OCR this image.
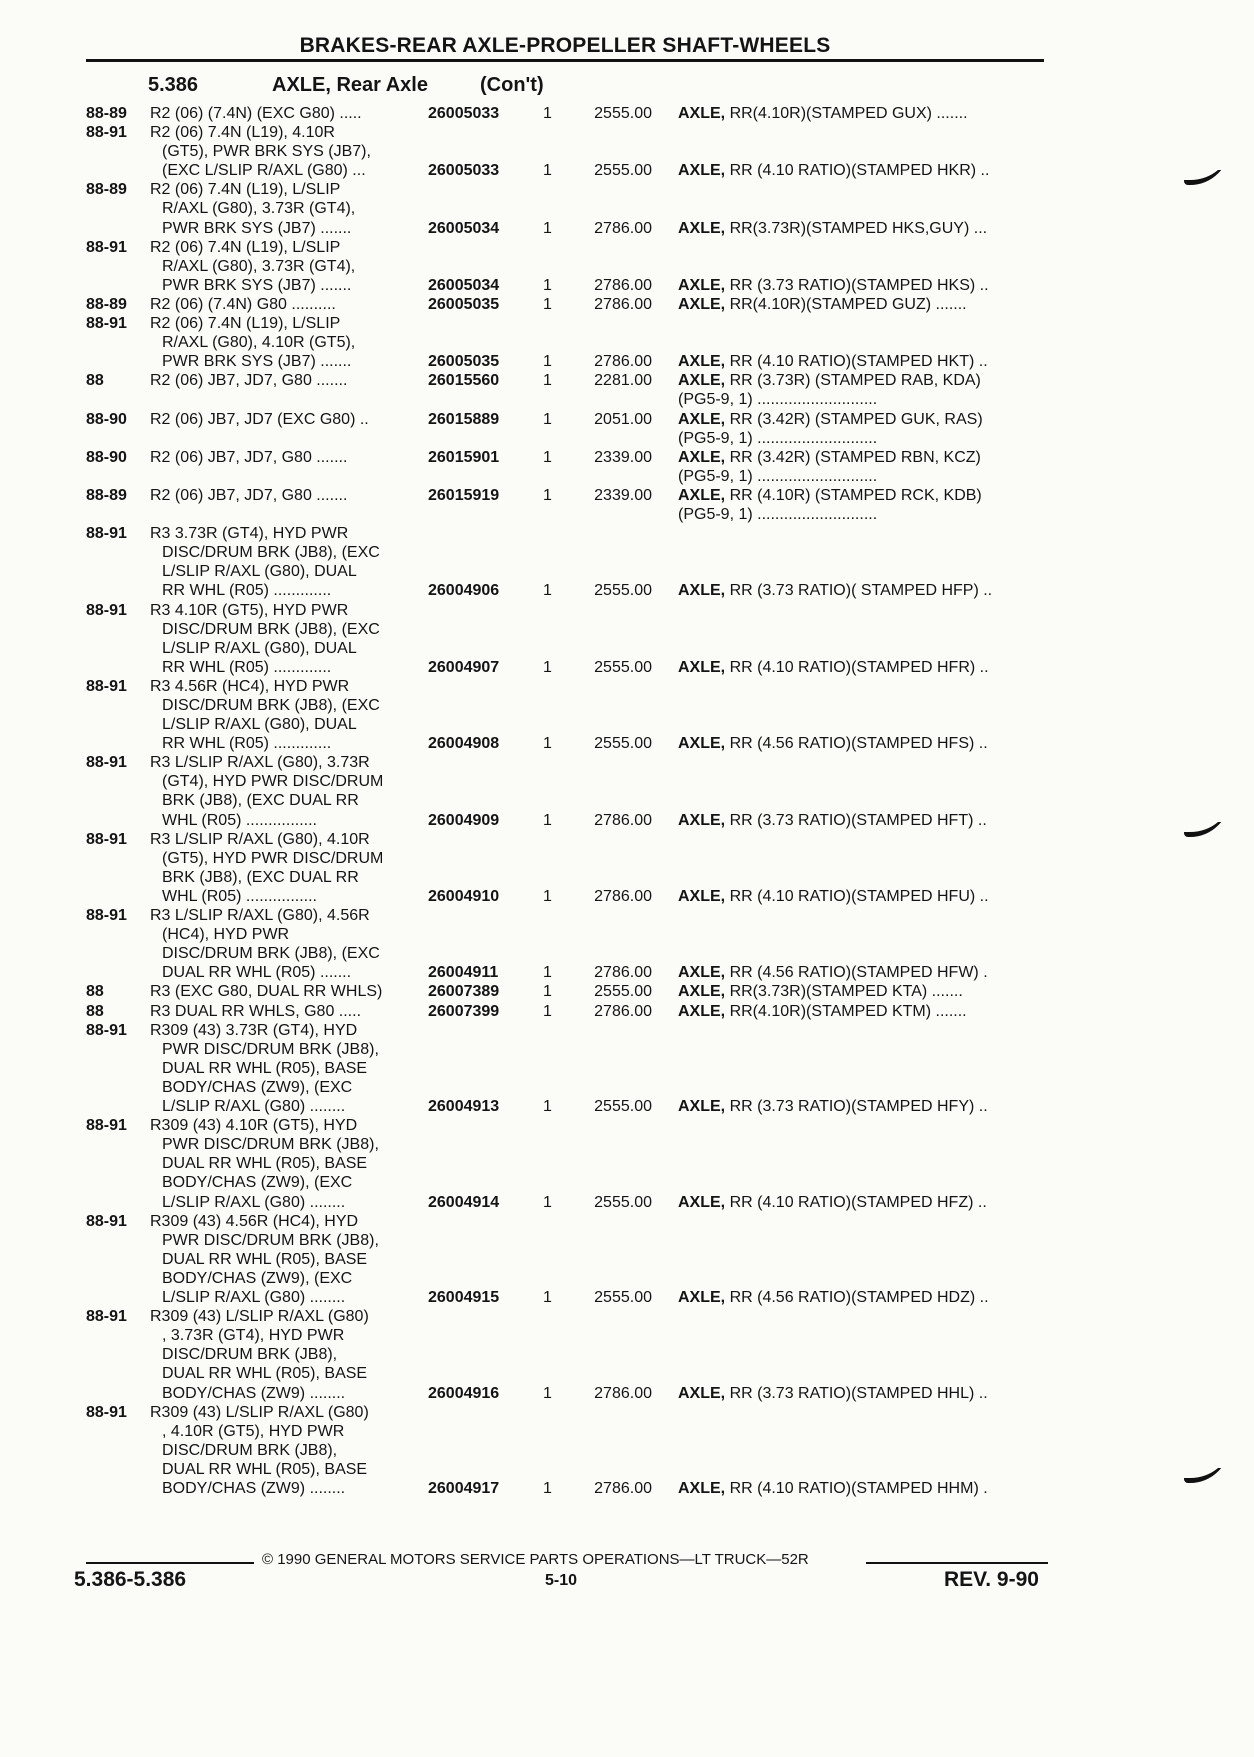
BRAKES-REAR AXLE-PROPELLER SHAFT-WHEELS
5.386	AXLE, Rear Axle	(Con't)
88-89 R2 (06) (7.4N) (EXC G80) .....	26005033	1	2555.00 AXLE, RR(4.10R)(STAMPED GUX) .......
88-91 R2 (06) 7.4N (L19), 4.10R
(GT5), PWR BRK SYS (JB7),
(EXC L/SLIP R/AXL (G80) ...	26005033	1	2555.00 AXLE, RR (4.10 RATIO)(STAMPED HKR) ..
88-89 R2 (06) 7.4N (L19), L/SLIP
R/AXL (G80), 3.73R (GT4),
PWR BRK SYS (JB7) .......	26005034	1	2786.00 AXLE, RR(3.73R)(STAMPED HKS,GUY) ...
88-91 R2 (06) 7.4N (L19), L/SLIP
R/AXL (G80), 3.73R (GT4),
PWR BRK SYS (JB7) .......	26005034	1	2786.00 AXLE, RR (3.73 RATIO)(STAMPED HKS) ..
88-89 R2 (06) (7.4N) G80 ..........	26005035	1	2786.00 AXLE, RR(4.10R)(STAMPED GUZ) .......
88-91 R2 (06) 7.4N (L19), L/SLIP
R/AXL (G80), 4.10R (GT5),
PWR BRK SYS (JB7) .......	26005035	1	2786.00 AXLE, RR (4.10 RATIO)(STAMPED HKT) ..
88	R2 (06) JB7, JD7, G80 .......	26015560	1	2281.00 AXLE, RR (3.73R) (STAMPED RAB, KDA)
(PG5-9, 1) ...........................
88-90 R2 (06) JB7, JD7 (EXC G80) ..	26015889	1	2051.00 AXLE, RR (3.42R) (STAMPED GUK, RAS)
(PG5-9, 1) ...........................
88-90 R2 (06) JB7, JD7, G80 .......	26015901	1	2339.00 AXLE, RR (3.42R) (STAMPED RBN, KCZ)
(PG5-9, 1) ...........................
88-89 R2 (06) JB7, JD7, G80 .......	26015919	1	2339.00 AXLE, RR (4.10R) (STAMPED RCK, KDB)
(PG5-9, 1) ...........................
88-91 R3 3.73R (GT4), HYD PWR
DISC/DRUM BRK (JB8), (EXC
L/SLIP R/AXL (G80), DUAL
RR WHL (R05) .............	26004906	1	2555.00 AXLE, RR (3.73 RATIO)( STAMPED HFP) ..
88-91 R3 4.10R (GT5), HYD PWR
DISC/DRUM BRK (JB8), (EXC
L/SLIP R/AXL (G80), DUAL
RR WHL (R05) .............	26004907	1	2555.00 AXLE, RR (4.10 RATIO)(STAMPED HFR) ..
88-91 R3 4.56R (HC4), HYD PWR
DISC/DRUM BRK (JB8), (EXC
L/SLIP R/AXL (G80), DUAL
RR WHL (R05) .............	26004908	1	2555.00 AXLE, RR (4.56 RATIO)(STAMPED HFS) ..
88-91 R3 L/SLIP R/AXL (G80), 3.73R
(GT4), HYD PWR DISC/DRUM
BRK (JB8), (EXC DUAL RR
WHL (R05) ................	26004909	1	2786.00 AXLE, RR (3.73 RATIO)(STAMPED HFT) ..
88-91 R3 L/SLIP R/AXL (G80), 4.10R
(GT5), HYD PWR DISC/DRUM
BRK (JB8), (EXC DUAL RR
WHL (R05) ................	26004910	1	2786.00 AXLE, RR (4.10 RATIO)(STAMPED HFU) ..
88-91 R3 L/SLIP R/AXL (G80), 4.56R
(HC4), HYD PWR
DISC/DRUM BRK (JB8), (EXC
DUAL RR WHL (R05) .......	26004911	1	2786.00 AXLE, RR (4.56 RATIO)(STAMPED HFW) .
88	R3 (EXC G80, DUAL RR WHLS)	26007389	1	2555.00 AXLE, RR(3.73R)(STAMPED KTA) .......
88	R3 DUAL RR WHLS, G80 .....	26007399	1	2786.00 AXLE, RR(4.10R)(STAMPED KTM) .......
88-91 R309 (43) 3.73R (GT4), HYD
PWR DISC/DRUM BRK (JB8),
DUAL RR WHL (R05), BASE
BODY/CHAS (ZW9), (EXC
L/SLIP R/AXL (G80) ........	26004913	1	2555.00 AXLE, RR (3.73 RATIO)(STAMPED HFY) ..
88-91 R309 (43) 4.10R (GT5), HYD
PWR DISC/DRUM BRK (JB8),
DUAL RR WHL (R05), BASE
BODY/CHAS (ZW9), (EXC
L/SLIP R/AXL (G80) ........	26004914	1	2555.00 AXLE, RR (4.10 RATIO)(STAMPED HFZ) ..
88-91 R309 (43) 4.56R (HC4), HYD
PWR DISC/DRUM BRK (JB8),
DUAL RR WHL (R05), BASE
BODY/CHAS (ZW9), (EXC
L/SLIP R/AXL (G80) ........	26004915	1	2555.00 AXLE, RR (4.56 RATIO)(STAMPED HDZ) ..
88-91 R309 (43) L/SLIP R/AXL (G80)
, 3.73R (GT4), HYD PWR
DISC/DRUM BRK (JB8),
DUAL RR WHL (R05), BASE
BODY/CHAS (ZW9) ........	26004916	1	2786.00 AXLE, RR (3.73 RATIO)(STAMPED HHL) ..
88-91 R309 (43) L/SLIP R/AXL (G80)
, 4.10R (GT5), HYD PWR
DISC/DRUM BRK (JB8),
DUAL RR WHL (R05), BASE
BODY/CHAS (ZW9) ........	26004917	1	2786.00 AXLE, RR (4.10 RATIO)(STAMPED HHM) .
© 1990 GENERAL MOTORS SERVICE PARTS OPERATIONS—LT TRUCK—52R
5.386-5.386	5-10	REV. 9-90
